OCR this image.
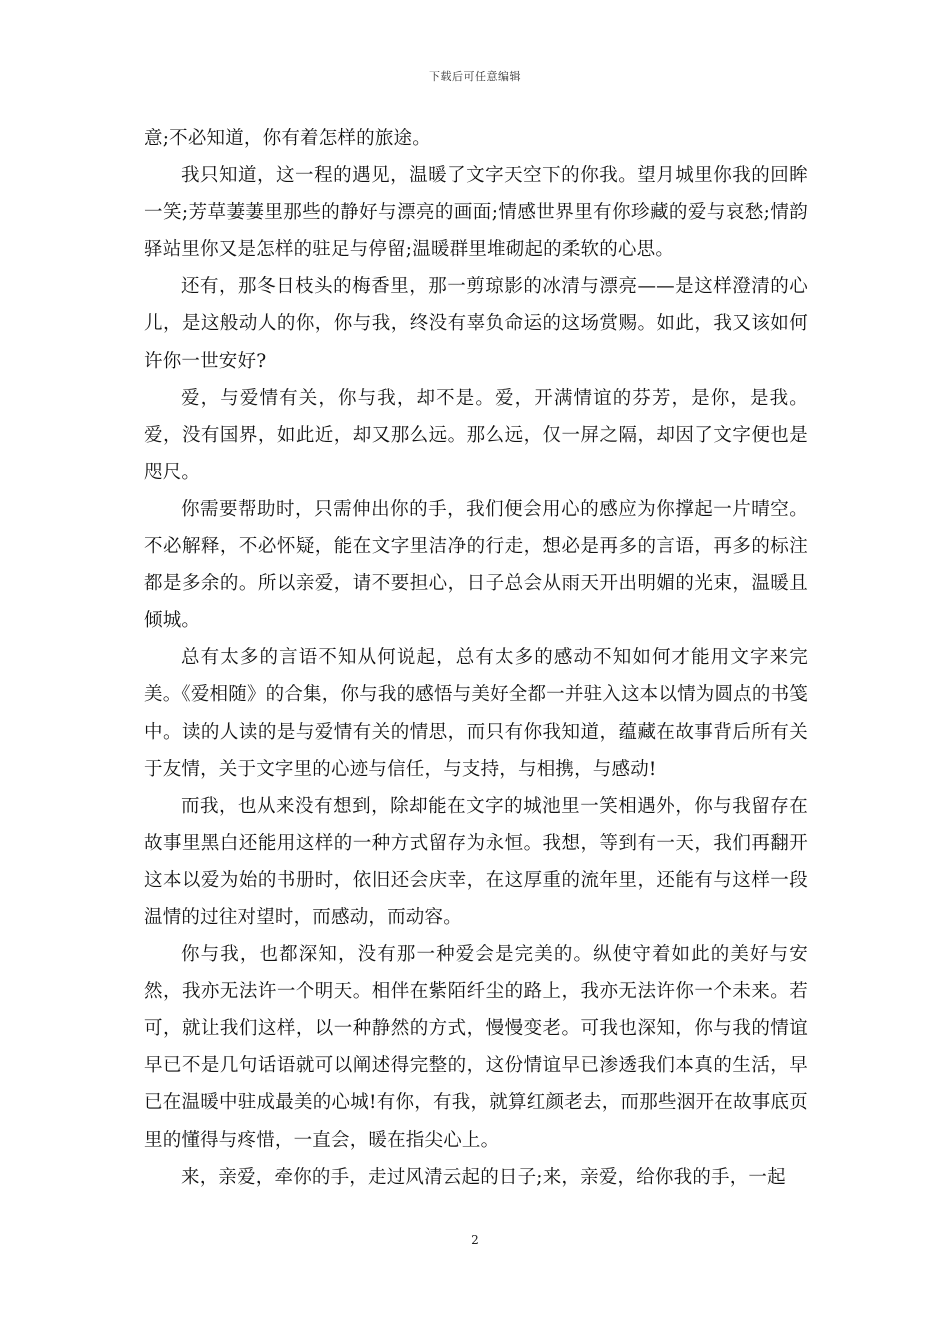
下载后可任意编辑

意;不必知道，你有着怎样的旅途。

我只知道，这一程的遇见，温暖了文字天空下的你我。望月城里你我的回眸一笑;芳草萋萋里那些的静好与漂亮的画面;情感世界里有你珍藏的爱与哀愁;情韵驿站里你又是怎样的驻足与停留;温暖群里堆砌起的柔软的心思。

还有，那冬日枝头的梅香里，那一剪琼影的冰清与漂亮——是这样澄清的心儿，是这般动人的你，你与我，终没有辜负命运的这场赏赐。如此，我又该如何许你一世安好?

爱，与爱情有关，你与我，却不是。爱，开满情谊的芬芳，是你，是我。爱，没有国界，如此近，却又那么远。那么远，仅一屏之隔，却因了文字便也是咫尺。

你需要帮助时，只需伸出你的手，我们便会用心的感应为你撑起一片晴空。不必解释，不必怀疑，能在文字里洁净的行走，想必是再多的言语，再多的标注都是多余的。所以亲爱，请不要担心，日子总会从雨天开出明媚的光束，温暖且倾城。

总有太多的言语不知从何说起，总有太多的感动不知如何才能用文字来完美。《爱相随》的合集，你与我的感悟与美好全都一并驻入这本以情为圆点的书笺中。读的人读的是与爱情有关的情思，而只有你我知道，蕴藏在故事背后所有关于友情，关于文字里的心迹与信任，与支持，与相携，与感动!

而我，也从来没有想到，除却能在文字的城池里一笑相遇外，你与我留存在故事里黑白还能用这样的一种方式留存为永恒。我想，等到有一天，我们再翻开这本以爱为始的书册时，依旧还会庆幸，在这厚重的流年里，还能有与这样一段温情的过往对望时，而感动，而动容。

你与我，也都深知，没有那一种爱会是完美的。纵使守着如此的美好与安然，我亦无法许一个明天。相伴在紫陌纤尘的路上，我亦无法许你一个未来。若可，就让我们这样，以一种静然的方式，慢慢变老。可我也深知，你与我的情谊早已不是几句话语就可以阐述得完整的，这份情谊早已渗透我们本真的生活，早已在温暖中驻成最美的心城!有你，有我，就算红颜老去，而那些洇开在故事底页里的懂得与疼惜，一直会，暖在指尖心上。

来，亲爱，牵你的手，走过风清云起的日子;来，亲爱，给你我的手，一起

2
